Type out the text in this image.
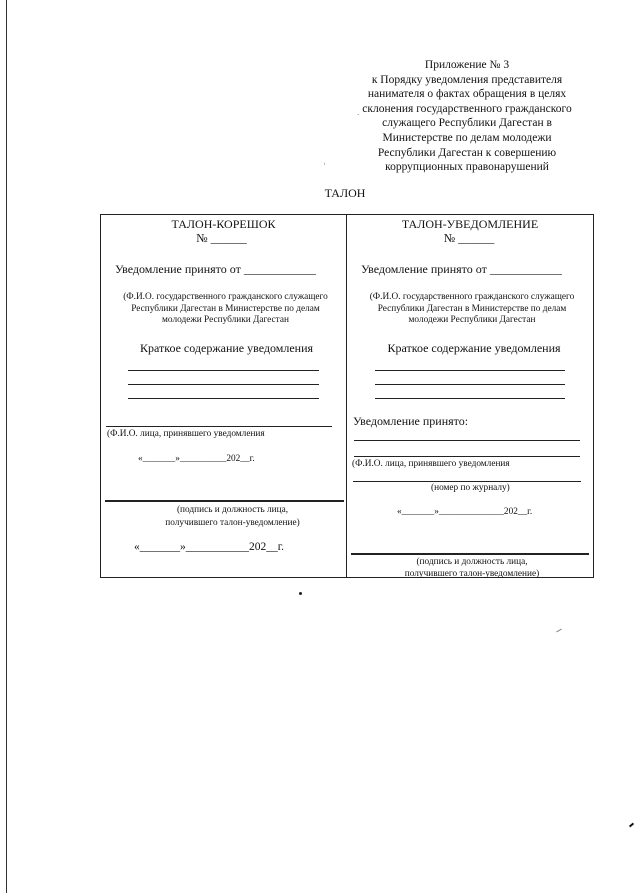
Приложение № 3
к Порядку уведомления представителя
нанимателя о фактах обращения в целях
склонения государственного гражданского
служащего Республики Дагестан в
Министерстве по делам молодежи
Республики Дагестан к совершению
коррупционных правонарушений
`
ТАЛОН
ТАЛОН-КОРЕШОК
№ ______
Уведомление принято от ____________
(Ф.И.О. государственного гражданского служащего
Республики Дагестан в Министерстве по делам
молодежи Республики Дагестан
Краткое содержание уведомления
(Ф.И.О. лица, принявшего уведомления
«_______»__________202__г.
(подпись и должность лица,
получившего талон-уведомление)
«_______»___________202__г.
ТАЛОН-УВЕДОМЛЕНИЕ
№ ______
Уведомление принято от ____________
(Ф.И.О. государственного гражданского служащего
Республики Дагестан в Министерстве по делам
молодежи Республики Дагестан
Краткое содержание уведомления
Уведомление принято:
(Ф.И.О. лица, принявшего уведомления
(номер по журналу)
«_______»______________202__г.
(подпись и должность лица,
получившего талон-уведомление)
